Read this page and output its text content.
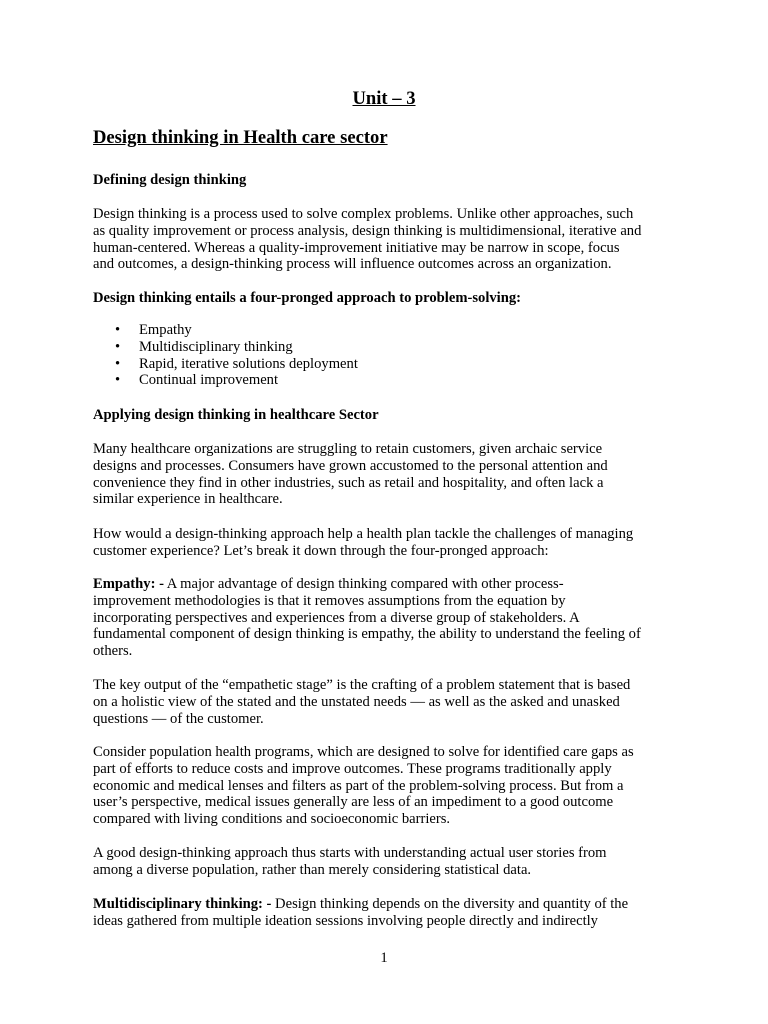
Unit – 3
Design thinking in Health care sector
Defining design thinking
Design thinking is a process used to solve complex problems. Unlike other approaches, such
as quality improvement or process analysis, design thinking is multidimensional, iterative and
human-centered. Whereas a quality-improvement initiative may be narrow in scope, focus
and outcomes, a design-thinking process will influence outcomes across an organization.
Design thinking entails a four-pronged approach to problem-solving:
• Empathy
• Multidisciplinary thinking
• Rapid, iterative solutions deployment
• Continual improvement
Applying design thinking in healthcare Sector
Many healthcare organizations are struggling to retain customers, given archaic service
designs and processes. Consumers have grown accustomed to the personal attention and
convenience they find in other industries, such as retail and hospitality, and often lack a
similar experience in healthcare.
How would a design-thinking approach help a health plan tackle the challenges of managing
customer experience? Let’s break it down through the four-pronged approach:
Empathy: - A major advantage of design thinking compared with other process-
improvement methodologies is that it removes assumptions from the equation by
incorporating perspectives and experiences from a diverse group of stakeholders. A
fundamental component of design thinking is empathy, the ability to understand the feeling of
others.
The key output of the “empathetic stage” is the crafting of a problem statement that is based
on a holistic view of the stated and the unstated needs — as well as the asked and unasked
questions — of the customer.
Consider population health programs, which are designed to solve for identified care gaps as
part of efforts to reduce costs and improve outcomes. These programs traditionally apply
economic and medical lenses and filters as part of the problem-solving process. But from a
user’s perspective, medical issues generally are less of an impediment to a good outcome
compared with living conditions and socioeconomic barriers.
A good design-thinking approach thus starts with understanding actual user stories from
among a diverse population, rather than merely considering statistical data.
Multidisciplinary thinking: - Design thinking depends on the diversity and quantity of the
ideas gathered from multiple ideation sessions involving people directly and indirectly
1
